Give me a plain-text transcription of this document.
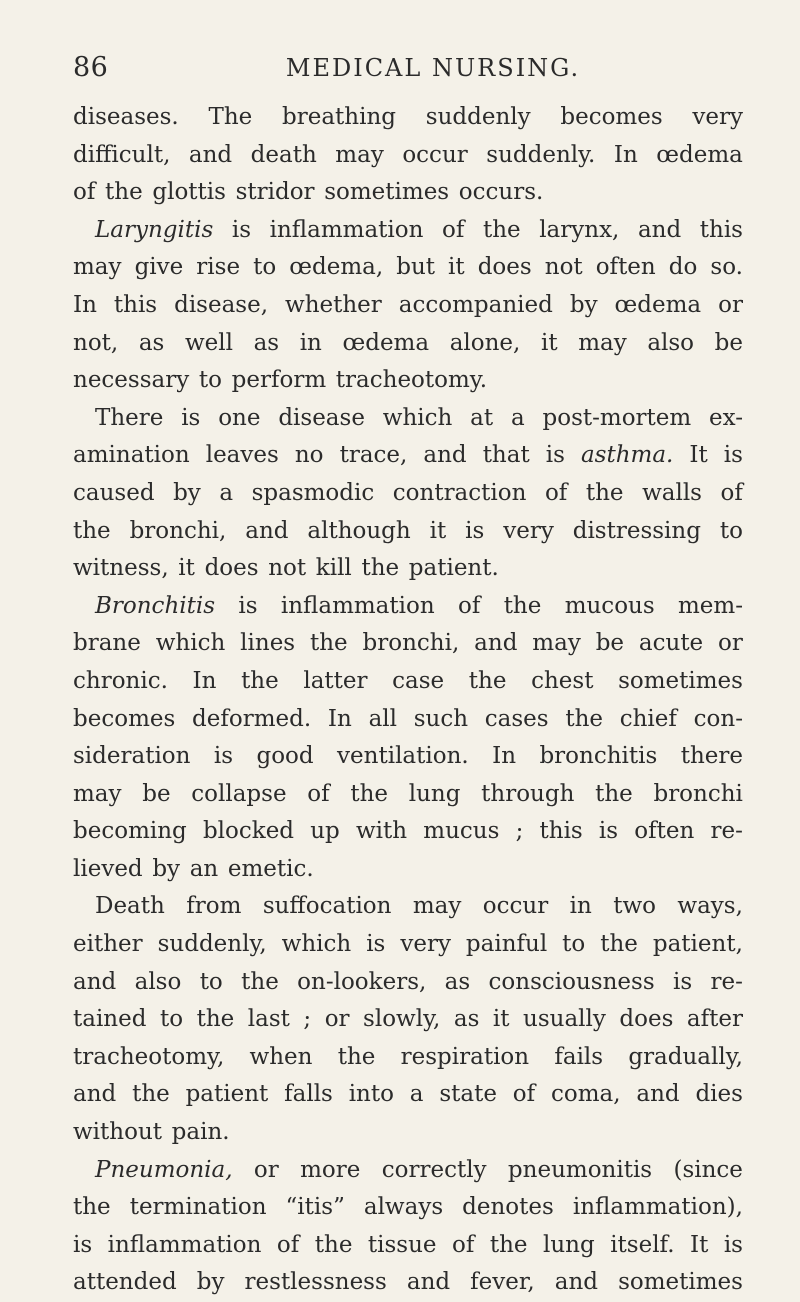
86	MEDICAL NURSING.
diseases. The breathing suddenly becomes very
difficult, and death may occur suddenly. In œdema
of the glottis stridor sometimes occurs.
Laryngitis is inflammation of the larynx, and this
may give rise to œdema, but it does not often do so.
In this disease, whether accompanied by œdema or
not, as well as in œdema alone, it may also be
necessary to perform tracheotomy.
There is one disease which at a post-mortem ex-
amination leaves no trace, and that is asthma. It is
caused by a spasmodic contraction of the walls of
the bronchi, and although it is very distressing to
witness, it does not kill the patient.
Bronchitis is inflammation of the mucous mem-
brane which lines the bronchi, and may be acute or
chronic. In the latter case the chest sometimes
becomes deformed. In all such cases the chief con-
sideration is good ventilation. In bronchitis there
may be collapse of the lung through the bronchi
becoming blocked up with mucus ; this is often re-
lieved by an emetic.
Death from suffocation may occur in two ways,
either suddenly, which is very painful to the patient,
and also to the on-lookers, as consciousness is re-
tained to the last ; or slowly, as it usually does after
tracheotomy, when the respiration fails gradually,
and the patient falls into a state of coma, and dies
without pain.
Pneumonia, or more correctly pneumonitis (since
the termination “itis” always denotes inflammation),
is inflammation of the tissue of the lung itself. It is
attended by restlessness and fever, and sometimes
